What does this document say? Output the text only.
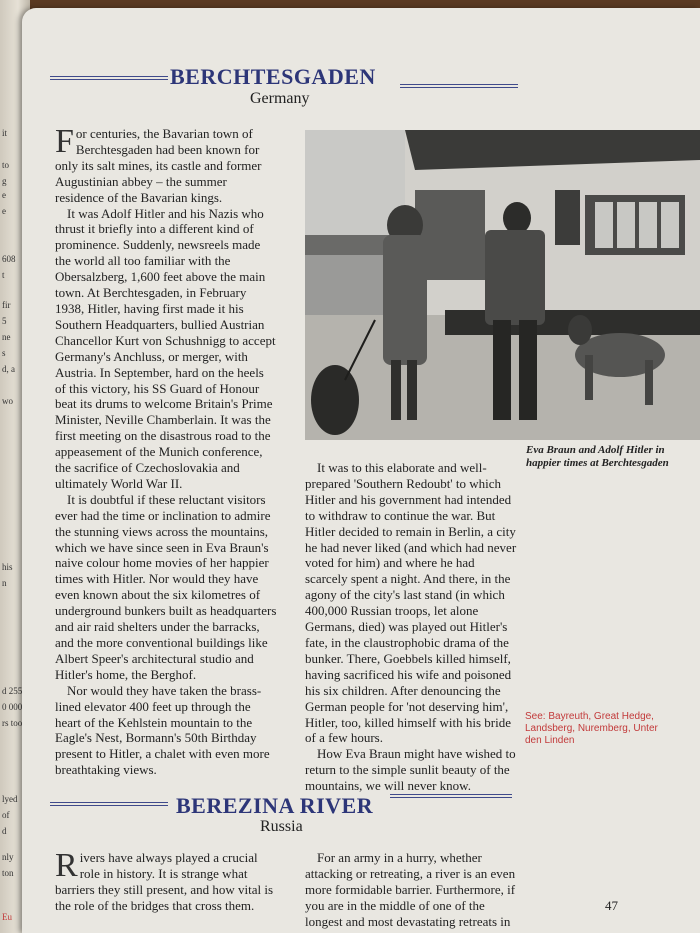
it
to
g
e
e
608
t
fir
5
ne
s
d, a
wo
his
n
d 255
0 000
rs too
lyed
of
d
nly
ton
Eu
BERCHTESGADEN
Germany

For centuries, the Bavarian town of Berchtesgaden had been known for only its salt mines, its castle and former Augustinian abbey – the summer residence of the Bavarian kings.

It was Adolf Hitler and his Nazis who thrust it briefly into a different kind of prominence. Suddenly, newsreels made the world all too familiar with the Obersalzberg, 1,600 feet above the main town. At Berchtesgaden, in February 1938, Hitler, having first made it his Southern Headquarters, bullied Austrian Chancellor Kurt von Schushnigg to accept Germany's Anchluss, or merger, with Austria. In September, hard on the heels of this victory, his SS Guard of Honour beat its drums to welcome Britain's Prime Minister, Neville Chamberlain. It was the first meeting on the disastrous road to the appeasement of the Munich conference, the sacrifice of Czechoslovakia and ultimately World War II.

It is doubtful if these reluctant visitors ever had the time or inclination to admire the stunning views across the mountains, which we have since seen in Eva Braun's naive colour home movies of her happier times with Hitler. Nor would they have even known about the six kilometres of underground bunkers built as headquarters and air raid shelters under the barracks, and the more conventional buildings like Albert Speer's architectural studio and Hitler's home, the Berghof.

Nor would they have taken the brass-lined elevator 400 feet up through the heart of the Kehlstein mountain to the Eagle's Nest, Bormann's 50th Birthday present to Hitler, a chalet with even more breathtaking views.

It was to this elaborate and well-prepared 'Southern Redoubt' to which Hitler and his government had intended to withdraw to continue the war. But Hitler decided to remain in Berlin, a city he had never liked (and which had never voted for him) and where he had scarcely spent a night. And there, in the agony of the city's last stand (in which 400,000 Russian troops, let alone Germans, died) was played out Hitler's fate, in the claustrophobic drama of the bunker. There, Goebbels killed himself, having sacrificed his wife and poisoned his six children. After denouncing the German people for 'not deserving him', Hitler, too, killed himself with his bride of a few hours.

How Eva Braun might have wished to return to the simple sunlit beauty of the mountains, we will never know.

Eva Braun and Adolf Hitler in happier times at Berchtesgaden
See: Bayreuth, Great Hedge, Landsberg, Nuremberg, Unter den Linden
BEREZINA RIVER
Russia

Rivers have always played a crucial role in history. It is strange what barriers they still present, and how vital is the role of the bridges that cross them.

For an army in a hurry, whether attacking or retreating, a river is an even more formidable barrier. Furthermore, if you are in the middle of one of the longest and most devastating retreats in

47
